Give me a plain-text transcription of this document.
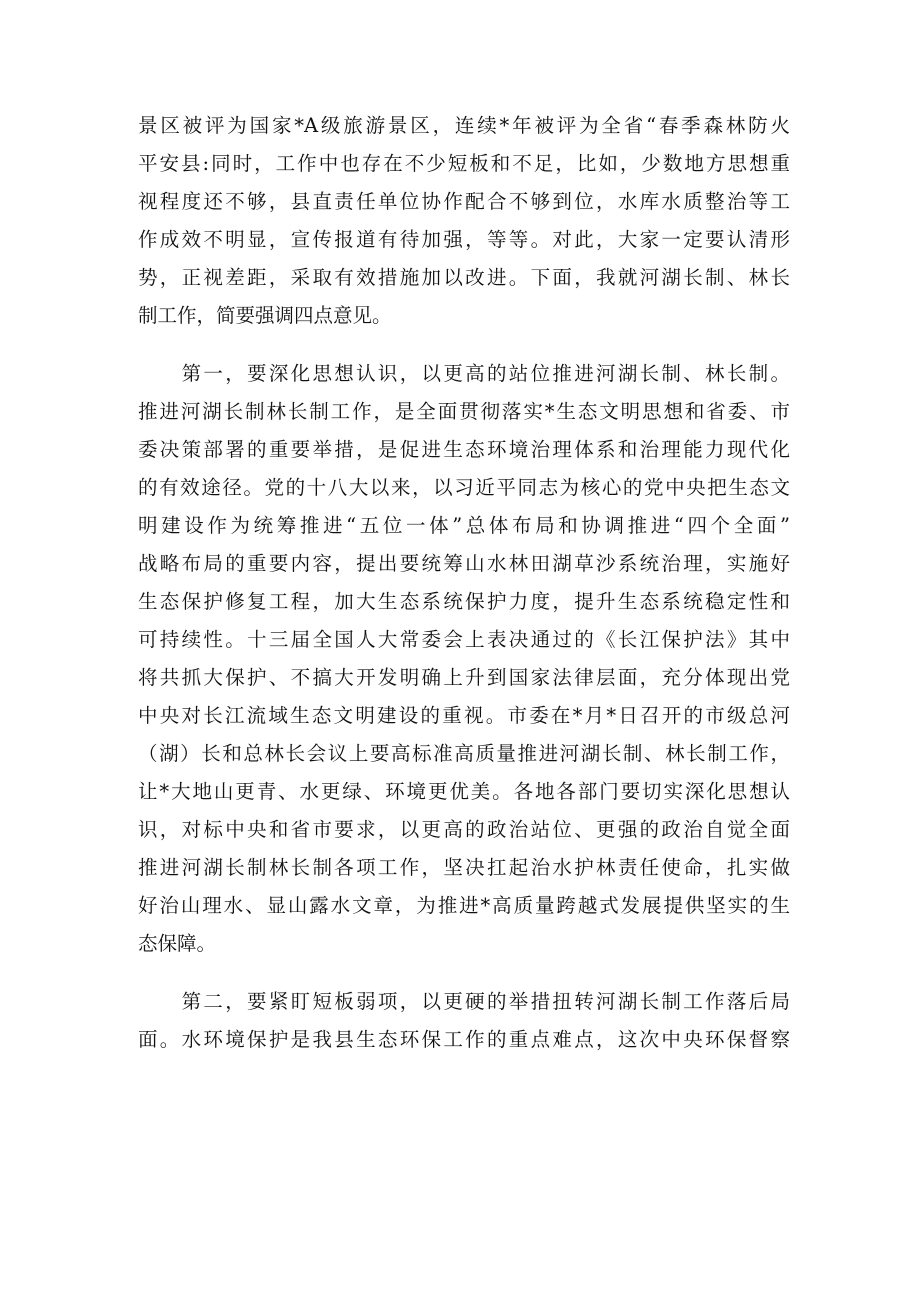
景区被评为国家*A级旅游景区，连续*年被评为全省“春季森林防火
平安县:同时，工作中也存在不少短板和不足，比如，少数地方思想重
视程度还不够，县直责任单位协作配合不够到位，水库水质整治等工
作成效不明显，宣传报道有待加强，等等。对此，大家一定要认清形
势，正视差距，采取有效措施加以改进。下面，我就河湖长制、林长
制工作，简要强调四点意见。
　　第一，要深化思想认识，以更高的站位推进河湖长制、林长制。
推进河湖长制林长制工作，是全面贯彻落实*生态文明思想和省委、市
委决策部署的重要举措，是促进生态环境治理体系和治理能力现代化
的有效途径。党的十八大以来，以习近平同志为核心的党中央把生态文
明建设作为统筹推进“五位一体”总体布局和协调推进“四个全面”
战略布局的重要内容，提出要统筹山水林田湖草沙系统治理，实施好
生态保护修复工程，加大生态系统保护力度，提升生态系统稳定性和
可持续性。十三届全国人大常委会上表决通过的《长江保护法》其中
将共抓大保护、不搞大开发明确上升到国家法律层面，充分体现出党
中央对长江流域生态文明建设的重视。市委在*月*日召开的市级总河
（湖）长和总林长会议上要高标准高质量推进河湖长制、林长制工作，
让*大地山更青、水更绿、环境更优美。各地各部门要切实深化思想认
识，对标中央和省市要求，以更高的政治站位、更强的政治自觉全面
推进河湖长制林长制各项工作，坚决扛起治水护林责任使命，扎实做
好治山理水、显山露水文章，为推进*高质量跨越式发展提供坚实的生
态保障。
　　第二，要紧盯短板弱项，以更硬的举措扭转河湖长制工作落后局
面。水环境保护是我县生态环保工作的重点难点，这次中央环保督察
